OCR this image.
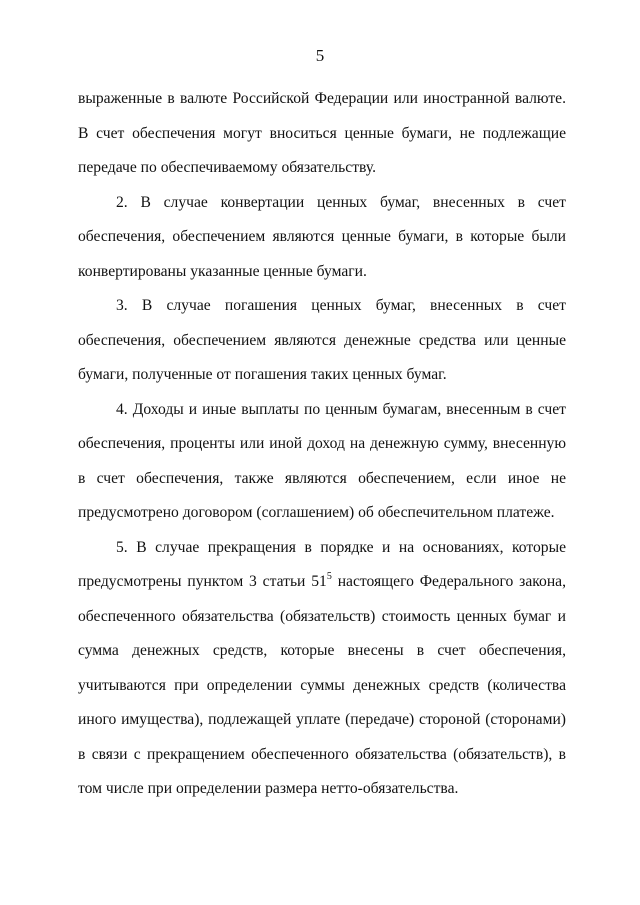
5

выраженные в валюте Российской Федерации или иностранной валюте. В счет обеспечения могут вноситься ценные бумаги, не подлежащие передаче по обеспечиваемому обязательству.

2. В случае конвертации ценных бумаг, внесенных в счет обеспечения, обеспечением являются ценные бумаги, в которые были конвертированы указанные ценные бумаги.

3. В случае погашения ценных бумаг, внесенных в счет обеспечения, обеспечением являются денежные средства или ценные бумаги, полученные от погашения таких ценных бумаг.

4. Доходы и иные выплаты по ценным бумагам, внесенным в счет обеспечения, проценты или иной доход на денежную сумму, внесенную в счет обеспечения, также являются обеспечением, если иное не предусмотрено договором (соглашением) об обеспечительном платеже.

5. В случае прекращения в порядке и на основаниях, которые предусмотрены пунктом 3 статьи $51^5$ настоящего Федерального закона, обеспеченного обязательства (обязательств) стоимость ценных бумаг и сумма денежных средств, которые внесены в счет обеспечения, учитываются при определении суммы денежных средств (количества иного имущества), подлежащей уплате (передаче) стороной (сторонами) в связи с прекращением обеспеченного обязательства (обязательств), в том числе при определении размера нетто-обязательства.
